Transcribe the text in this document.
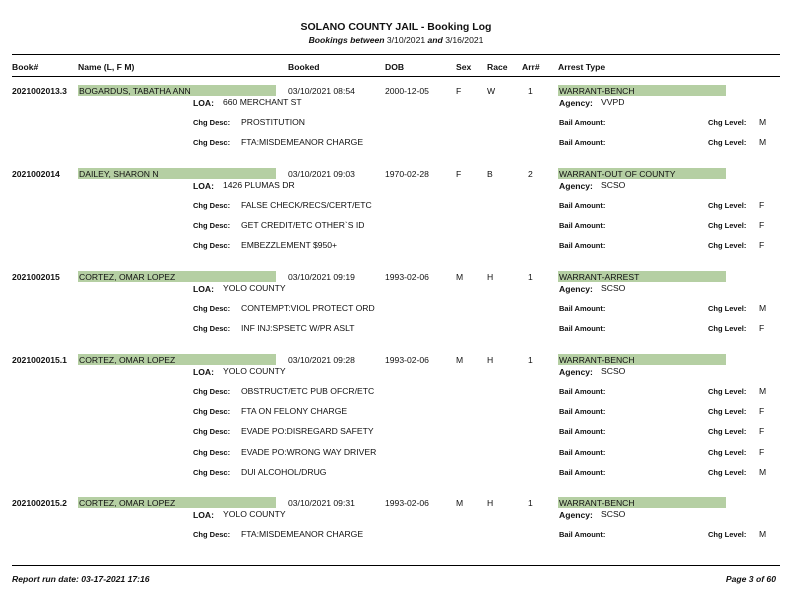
SOLANO COUNTY JAIL - Booking Log
Bookings between 3/10/2021 and 3/16/2021
Book#	Name (L, F M)	Booked	DOB	Sex Race Arr# Arrest Type
2021002013.3 BOGARDUS, TABATHA ANN	03/10/2021 08:54	2000-12-05	F	W	1	WARRANT-BENCH
LOA: 660 MERCHANT ST	Agency: VVPD
Chg Desc: PROSTITUTION	Bail Amount:	Chg Level: M
Chg Desc: FTA:MISDEMEANOR CHARGE	Bail Amount:	Chg Level: M
2021002014 DAILEY, SHARON N	03/10/2021 09:03	1970-02-28	F	B	2	WARRANT-OUT OF COUNTY
LOA: 1426 PLUMAS DR	Agency: SCSO
Chg Desc: FALSE CHECK/RECS/CERT/ETC	Bail Amount:	Chg Level: F
Chg Desc: GET CREDIT/ETC OTHER`S ID	Bail Amount:	Chg Level: F
Chg Desc: EMBEZZLEMENT $950+	Bail Amount:	Chg Level: F
2021002015 CORTEZ, OMAR LOPEZ	03/10/2021 09:19	1993-02-06	M	H	1	WARRANT-ARREST
LOA: YOLO COUNTY	Agency: SCSO
Chg Desc: CONTEMPT:VIOL PROTECT ORD	Bail Amount:	Chg Level: M
Chg Desc: INF INJ:SPSETC W/PR ASLT	Bail Amount:	Chg Level: F
2021002015.1 CORTEZ, OMAR LOPEZ	03/10/2021 09:28	1993-02-06	M	H	1	WARRANT-BENCH
LOA: YOLO COUNTY	Agency: SCSO
Chg Desc: OBSTRUCT/ETC PUB OFCR/ETC	Bail Amount:	Chg Level: M
Chg Desc: FTA ON FELONY CHARGE	Bail Amount:	Chg Level: F
Chg Desc: EVADE PO:DISREGARD SAFETY	Bail Amount:	Chg Level: F
Chg Desc: EVADE PO:WRONG WAY DRIVER	Bail Amount:	Chg Level: F
Chg Desc: DUI ALCOHOL/DRUG	Bail Amount:	Chg Level: M
2021002015.2 CORTEZ, OMAR LOPEZ	03/10/2021 09:31	1993-02-06	M	H	1	WARRANT-BENCH
LOA: YOLO COUNTY	Agency: SCSO
Chg Desc: FTA:MISDEMEANOR CHARGE	Bail Amount:	Chg Level: M
Report run date: 03-17-2021 17:16	Page 3 of 60
